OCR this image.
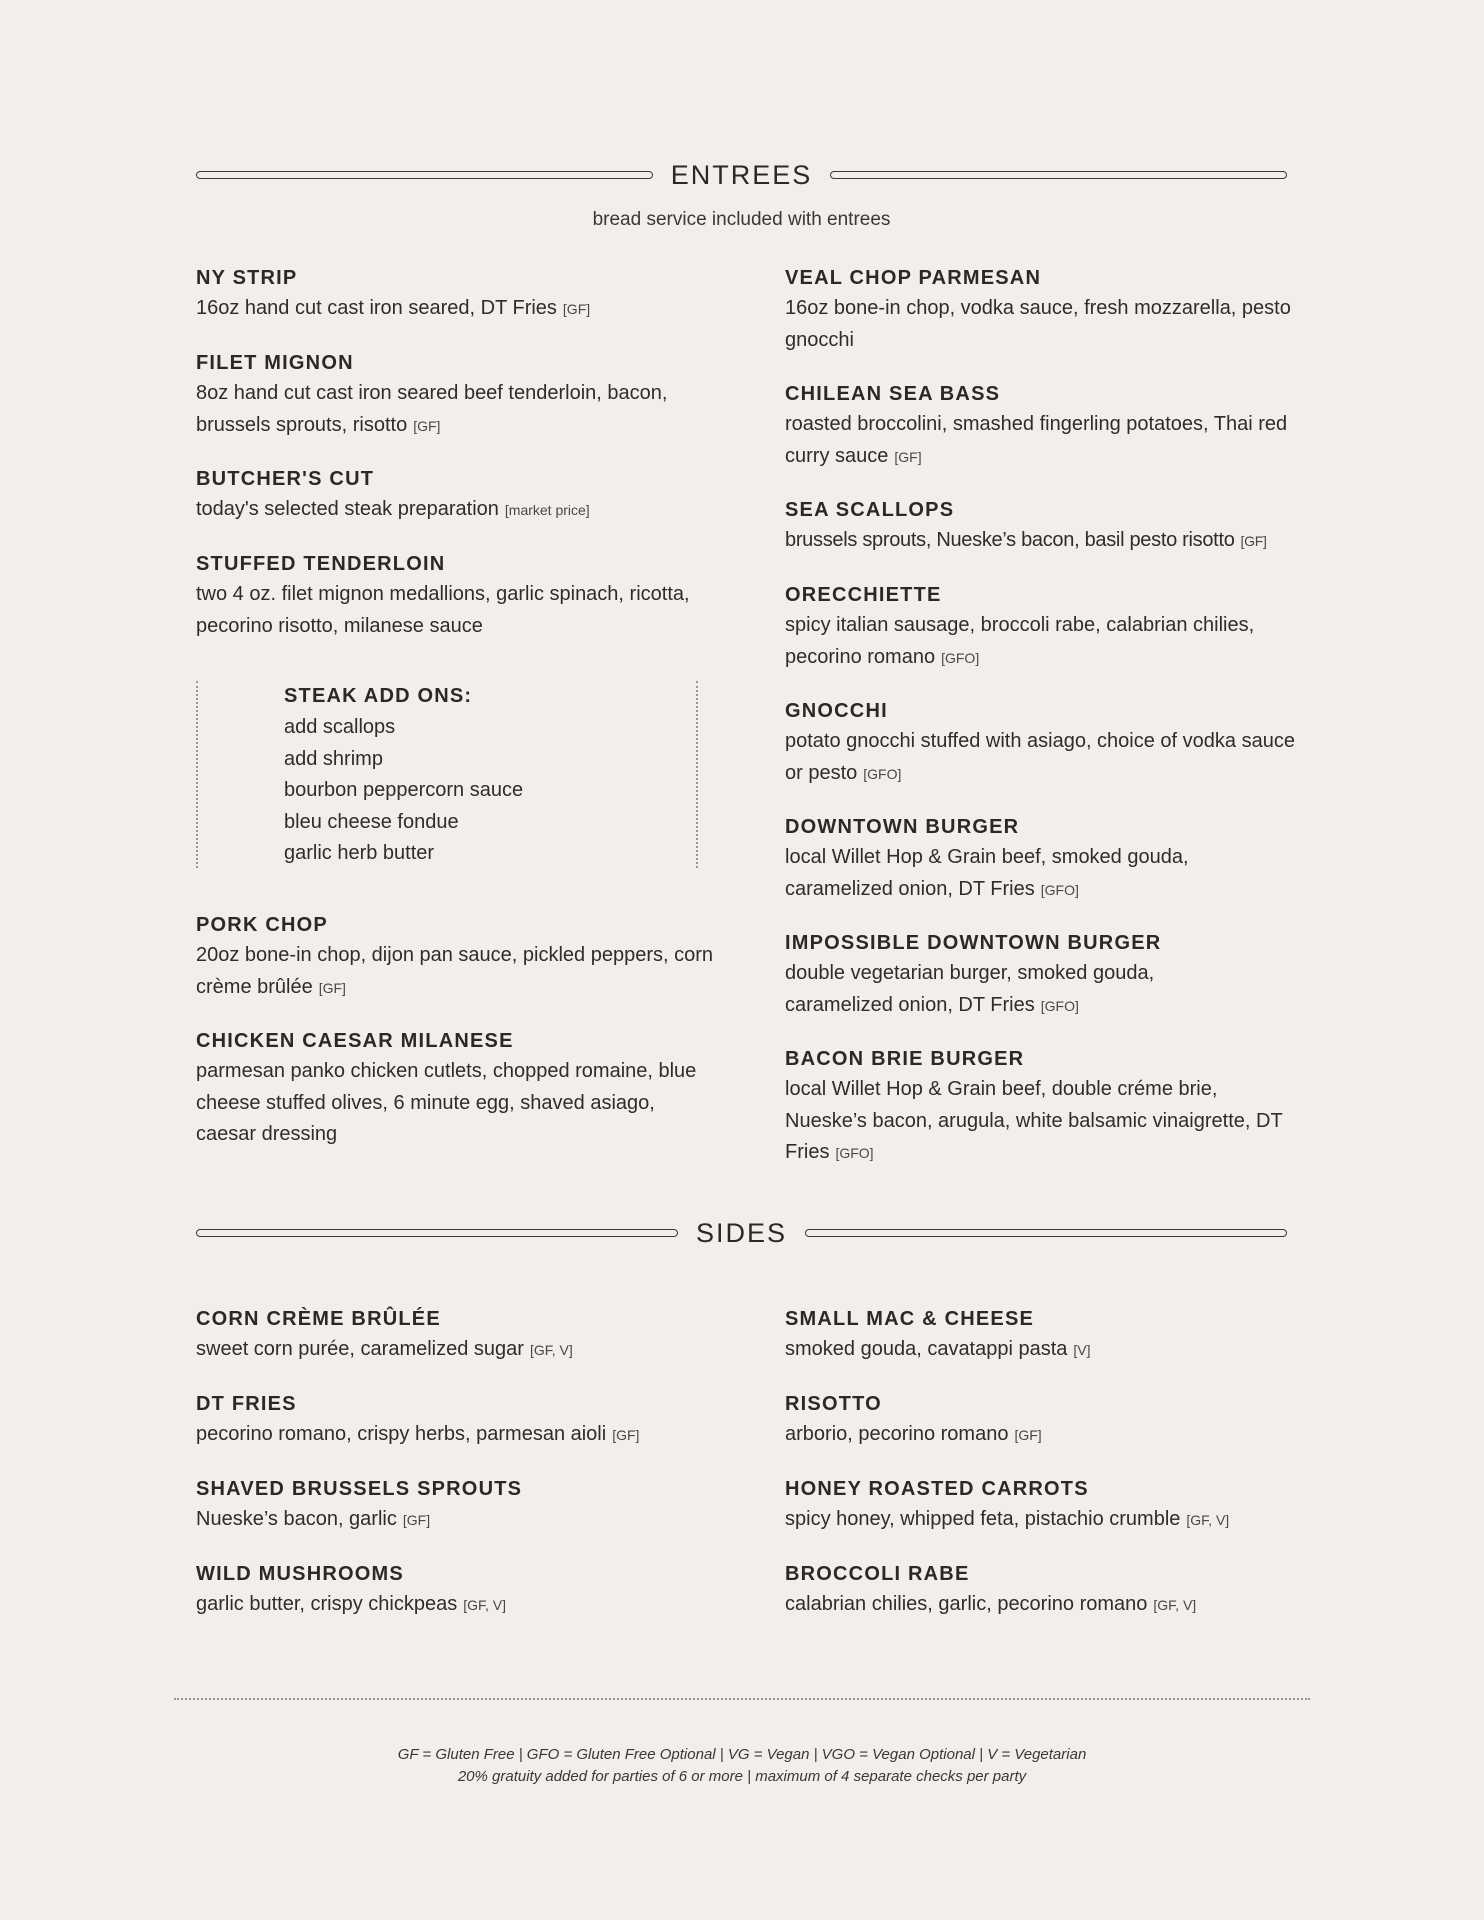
ENTREES
bread service included with entrees
NY STRIP
16oz hand cut cast iron seared, DT Fries [GF]
FILET MIGNON
8oz hand cut cast iron seared beef tenderloin, bacon, brussels sprouts, risotto [GF]
BUTCHER'S CUT
today's selected steak preparation [market price]
STUFFED TENDERLOIN
two 4 oz. filet mignon medallions, garlic spinach, ricotta, pecorino risotto, milanese sauce
STEAK ADD ONS:
add scallops
add shrimp
bourbon peppercorn sauce
bleu cheese fondue
garlic herb butter
PORK CHOP
20oz bone-in chop, dijon pan sauce, pickled peppers, corn crème brûlée [GF]
CHICKEN CAESAR MILANESE
parmesan panko chicken cutlets, chopped romaine, blue cheese stuffed olives, 6 minute egg, shaved asiago, caesar dressing
VEAL CHOP PARMESAN
16oz bone-in chop, vodka sauce, fresh mozzarella, pesto gnocchi
CHILEAN SEA BASS
roasted broccolini, smashed fingerling potatoes, Thai red curry sauce [GF]
SEA SCALLOPS
brussels sprouts, Nueske’s bacon, basil pesto risotto [GF]
ORECCHIETTE
spicy italian sausage, broccoli rabe, calabrian chilies, pecorino romano [GFO]
GNOCCHI
potato gnocchi stuffed with asiago, choice of vodka sauce or pesto [GFO]
DOWNTOWN BURGER
local Willet Hop & Grain beef, smoked gouda, caramelized onion, DT Fries [GFO]
IMPOSSIBLE DOWNTOWN BURGER
double vegetarian burger, smoked gouda, caramelized onion, DT Fries [GFO]
BACON BRIE BURGER
local Willet Hop & Grain beef, double créme brie, Nueske’s bacon, arugula, white balsamic vinaigrette, DT Fries [GFO]
SIDES
CORN CRÈME BRÛLÉE
sweet corn purée, caramelized sugar [GF, V]
DT FRIES
pecorino romano, crispy herbs, parmesan aioli [GF]
SHAVED BRUSSELS SPROUTS
Nueske’s bacon, garlic [GF]
WILD MUSHROOMS
garlic butter, crispy chickpeas [GF, V]
SMALL MAC & CHEESE
smoked gouda, cavatappi pasta [V]
RISOTTO
arborio, pecorino romano [GF]
HONEY ROASTED CARROTS
spicy honey, whipped feta, pistachio crumble [GF, V]
BROCCOLI RABE
calabrian chilies, garlic, pecorino romano [GF, V]
GF = Gluten Free | GFO = Gluten Free Optional | VG = Vegan | VGO = Vegan Optional | V = Vegetarian
20% gratuity added for parties of 6 or more | maximum of 4 separate checks per party
